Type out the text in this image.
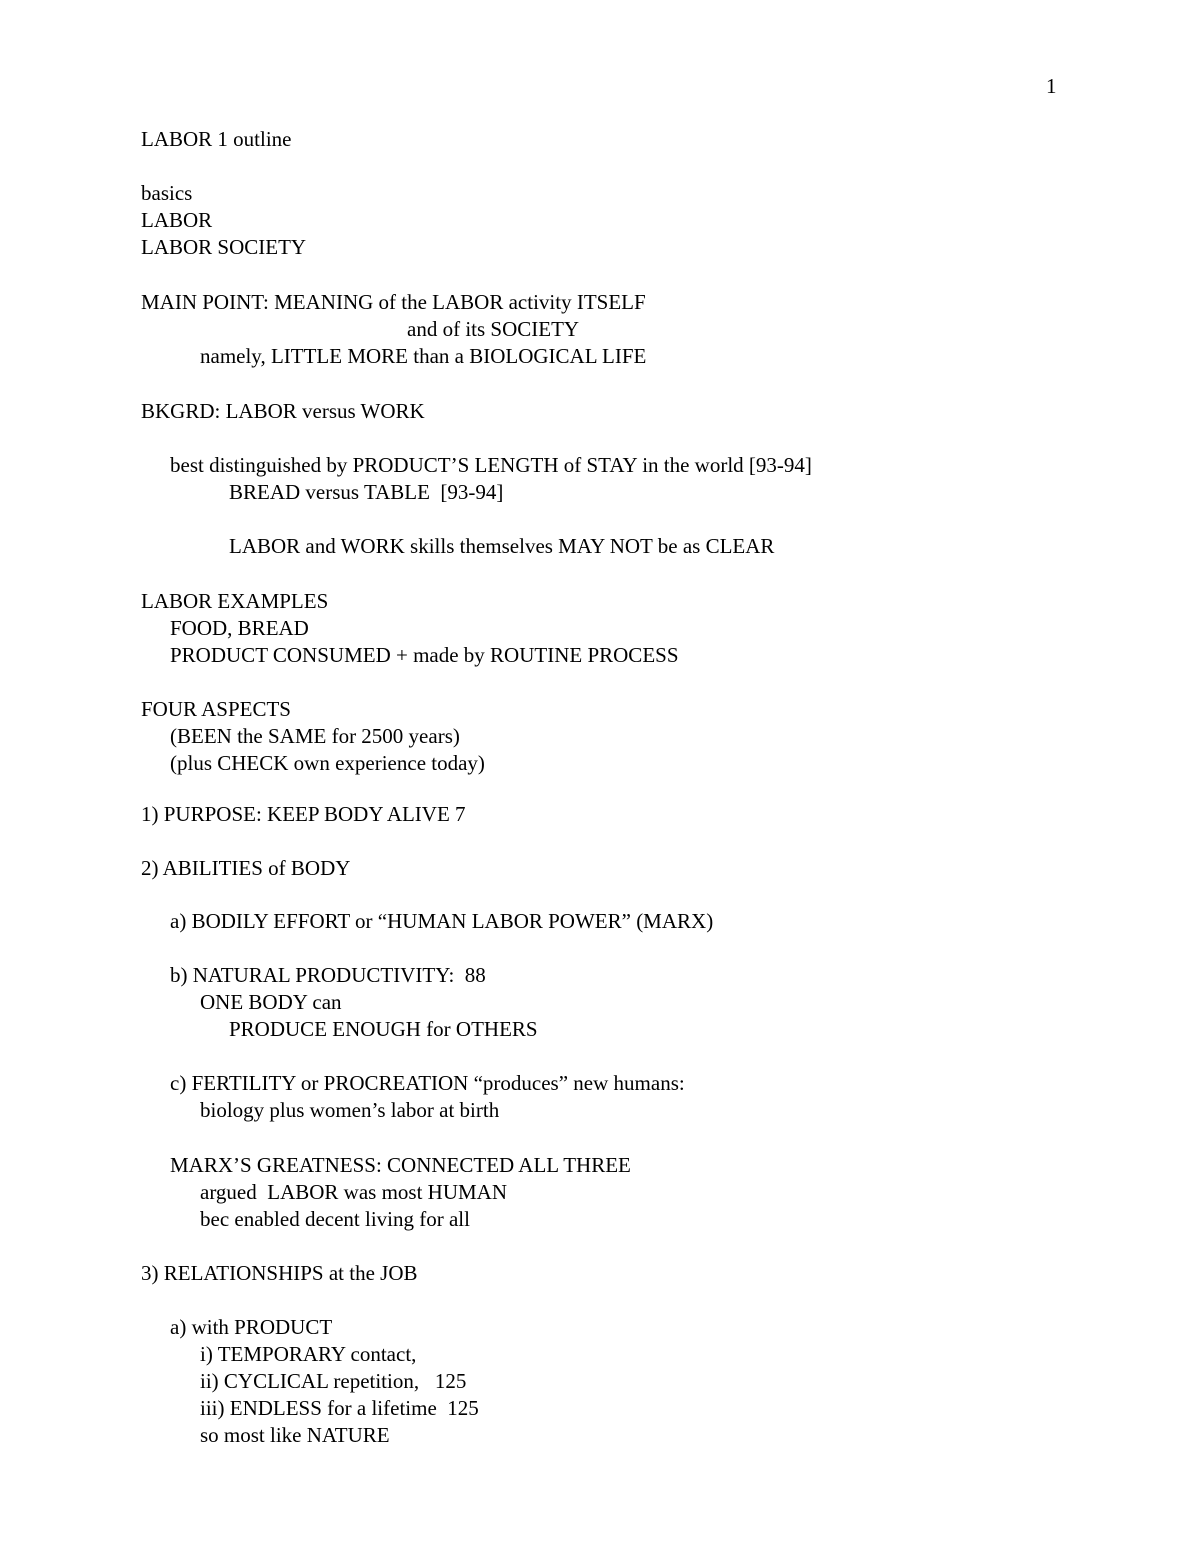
1
LABOR 1 outline
basics
LABOR
LABOR SOCIETY
MAIN POINT: MEANING of the LABOR activity ITSELF
and of its SOCIETY
namely, LITTLE MORE than a BIOLOGICAL LIFE
BKGRD: LABOR versus WORK
best distinguished by PRODUCT’S LENGTH of STAY in the world [93-94]
BREAD versus TABLE  [93-94]
LABOR and WORK skills themselves MAY NOT be as CLEAR
LABOR EXAMPLES
FOOD, BREAD
PRODUCT CONSUMED + made by ROUTINE PROCESS
FOUR ASPECTS
(BEEN the SAME for 2500 years)
(plus CHECK own experience today)
1) PURPOSE: KEEP BODY ALIVE 7
2) ABILITIES of BODY
a) BODILY EFFORT or “HUMAN LABOR POWER” (MARX)
b) NATURAL PRODUCTIVITY:  88
ONE BODY can
PRODUCE ENOUGH for OTHERS
c) FERTILITY or PROCREATION “produces” new humans:
biology plus women’s labor at birth
MARX’S GREATNESS: CONNECTED ALL THREE
argued  LABOR was most HUMAN
bec enabled decent living for all
3) RELATIONSHIPS at the JOB
a) with PRODUCT
i) TEMPORARY contact,
ii) CYCLICAL repetition,   125
iii) ENDLESS for a lifetime  125
so most like NATURE
